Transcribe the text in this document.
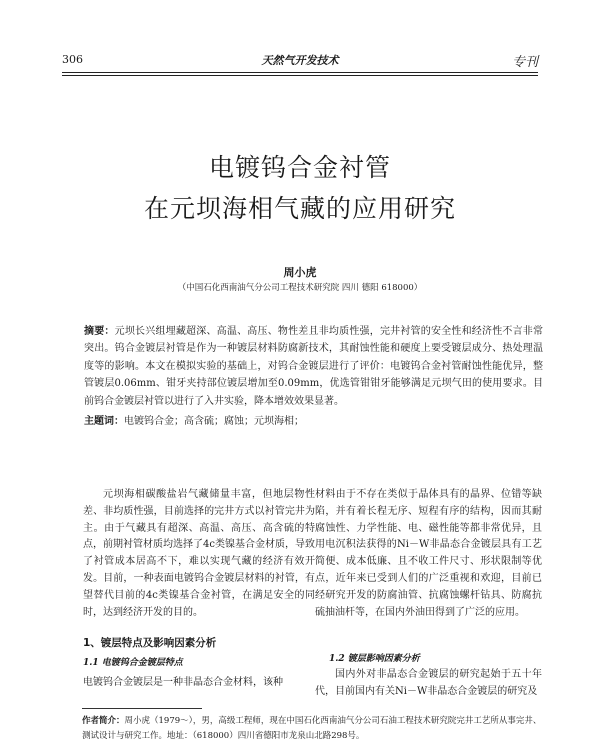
306	天然气开发技术	专刊
电镀钨合金衬管
在元坝海相气藏的应用研究
周小虎
（中国石化西南油气分公司工程技术研究院 四川 德阳 618000）
摘要：元坝长兴组埋藏超深、高温、高压、物性差且非均质性强，完井衬管的安全性和经济性不言非常突出。钨合金镀层衬管是作为一种镀层材料防腐新技术，其耐蚀性能和硬度上要受镀层成分、热处理温度等的影响。本文在模拟实验的基础上，对钨合金镀层进行了评价：电镀钨合金衬管耐蚀性能优异，整管镀层0.06mm、钳牙夹持部位镀层增加至0.09mm，优选管钳钳牙能够满足元坝气田的使用要求。目前钨合金镀层衬管以进行了入井实验，降本增效效果显著。
主题词：电镀钨合金；高含硫；腐蚀；元坝海相；

元坝海相碳酸盐岩气藏储量丰富，但地层物性差、非均质性强，目前选择的完井方式以衬管完井为主。由于气藏具有超深、高温、高压、高含硫的特点，前期衬管材质均选择了4c类镍基合金材质，导致了衬管成本居高不下，难以实现气藏的经济有效开发。目前，一种表面电镀钨合金镀层材料的衬管，有望替代目前的4c类镍基合金衬管，在满足安全的同时，达到经济开发的目的。

1、镀层特点及影响因素分析
1.1 电镀钨合金镀层特点
电镀钨合金镀层是一种非晶态合金材料，该种

材料由于不存在类似于晶体具有的晶界、位错等缺陷，并有着长程无序、短程有序的结构，因而其耐腐蚀性、力学性能、电、磁性能等都非常优异，且用电沉积法获得的Ni－W非晶态合金镀层具有工艺简便、成本低廉、且不收工件尺寸、形状限制等优点，近年来已受到人们的广泛重视和欢迎，目前已经研究开发的防腐油管、抗腐蚀螺杆钻具、防腐抗硫抽油杆等，在国内外油田得到了广泛的应用。

1.2 镀层影响因素分析

国内外对非晶态合金镀层的研究起始于五十年代，目前国内有关Ni－W非晶态合金镀层的研究及

作者简介：周小虎（1979～），男，高级工程师，现在中国石化西南油气分公司石油工程技术研究院完井工艺所从事完井、测试设计与研究工作。地址：（618000）四川省德阳市龙泉山北路298号。
